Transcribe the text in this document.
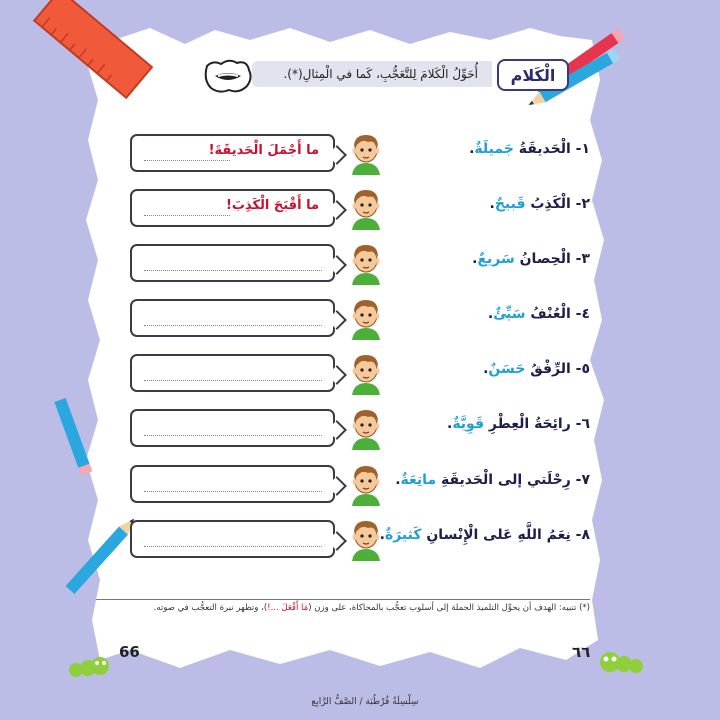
الْكَلام
أُحَوِّلُ الْكَلامَ لِلتَّعَجُّبِ، كَما في الْمِثالِ(*).
ما أَجْمَلَ الْحَديقَةَ!	١- الْحَديقَةُ جَميلَةٌ.
ما أَقْبَحَ الْكَذِبَ!	٢- الْكَذِبُ قَبيحٌ.
٣- الْحِصانُ سَريعٌ.
٤- الْعُنْفُ سَيِّئٌ.
٥- الرِّفْقُ حَسَنٌ.
٦- رائِحَةُ الْعِطْرِ قَوِيَّةٌ.
٧- رِحْلَتي إلى الْحَديقَةِ ماتِعَةٌ.
٨- نِعَمُ اللَّهِ عَلى الْإِنْسانِ كَثيرَةٌ.
(*) تنبيه: الهدف أن يحوِّل التلميذ الجملة إلى أسلوب تعجُّب بالمحاكاة، على وزن (مَا أَفْعَلَ ...!)، وتظهر نبرة التعجُّب في صوته.
66	٦٦
سِلْسِلَةُ قُرْطُبَة / الصَّفُّ الرَّابِع
